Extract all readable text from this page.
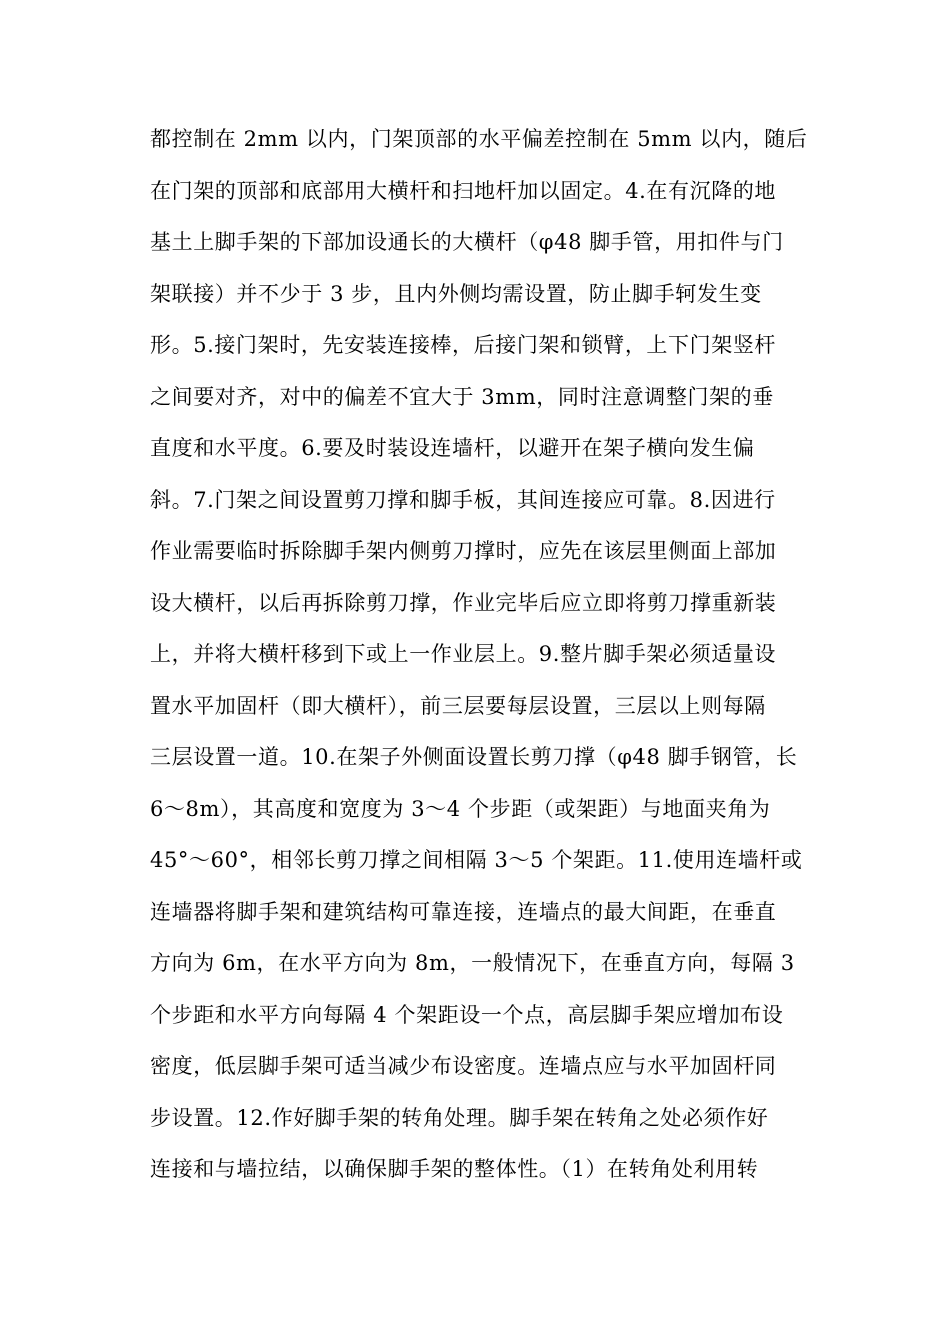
都控制在 2mm 以内，门架顶部的水平偏差控制在 5mm 以内，随后
在门架的顶部和底部用大横杆和扫地杆加以固定。4.在有沉降的地
基土上脚手架的下部加设通长的大横杆（φ48 脚手管，用扣件与门
架联接）并不少于 3 步，且内外侧均需设置，防止脚手轲发生变
形。5.接门架时，先安装连接棒，后接门架和锁臂，上下门架竖杆
之间要对齐，对中的偏差不宜大于 3mm，同时注意调整门架的垂
直度和水平度。6.要及时装设连墙杆，以避开在架子横向发生偏
斜。7.门架之间设置剪刀撑和脚手板，其间连接应可靠。8.因进行
作业需要临时拆除脚手架内侧剪刀撑时，应先在该层里侧面上部加
设大横杆，以后再拆除剪刀撑，作业完毕后应立即将剪刀撑重新装
上，并将大横杆移到下或上一作业层上。9.整片脚手架必须适量设
置水平加固杆（即大横杆），前三层要每层设置，三层以上则每隔
三层设置一道。10.在架子外侧面设置长剪刀撑（φ48 脚手钢管，长
6～8m），其高度和宽度为 3～4 个步距（或架距）与地面夹角为
45°～60°，相邻长剪刀撑之间相隔 3～5 个架距。11.使用连墙杆或
连墙器将脚手架和建筑结构可靠连接，连墙点的最大间距，在垂直
方向为 6m，在水平方向为 8m，一般情况下，在垂直方向，每隔 3
个步距和水平方向每隔 4 个架距设一个点，高层脚手架应增加布设
密度，低层脚手架可适当减少布设密度。连墙点应与水平加固杆同
步设置。12.作好脚手架的转角处理。脚手架在转角之处必须作好
连接和与墙拉结，以确保脚手架的整体性。（1）在转角处利用转
